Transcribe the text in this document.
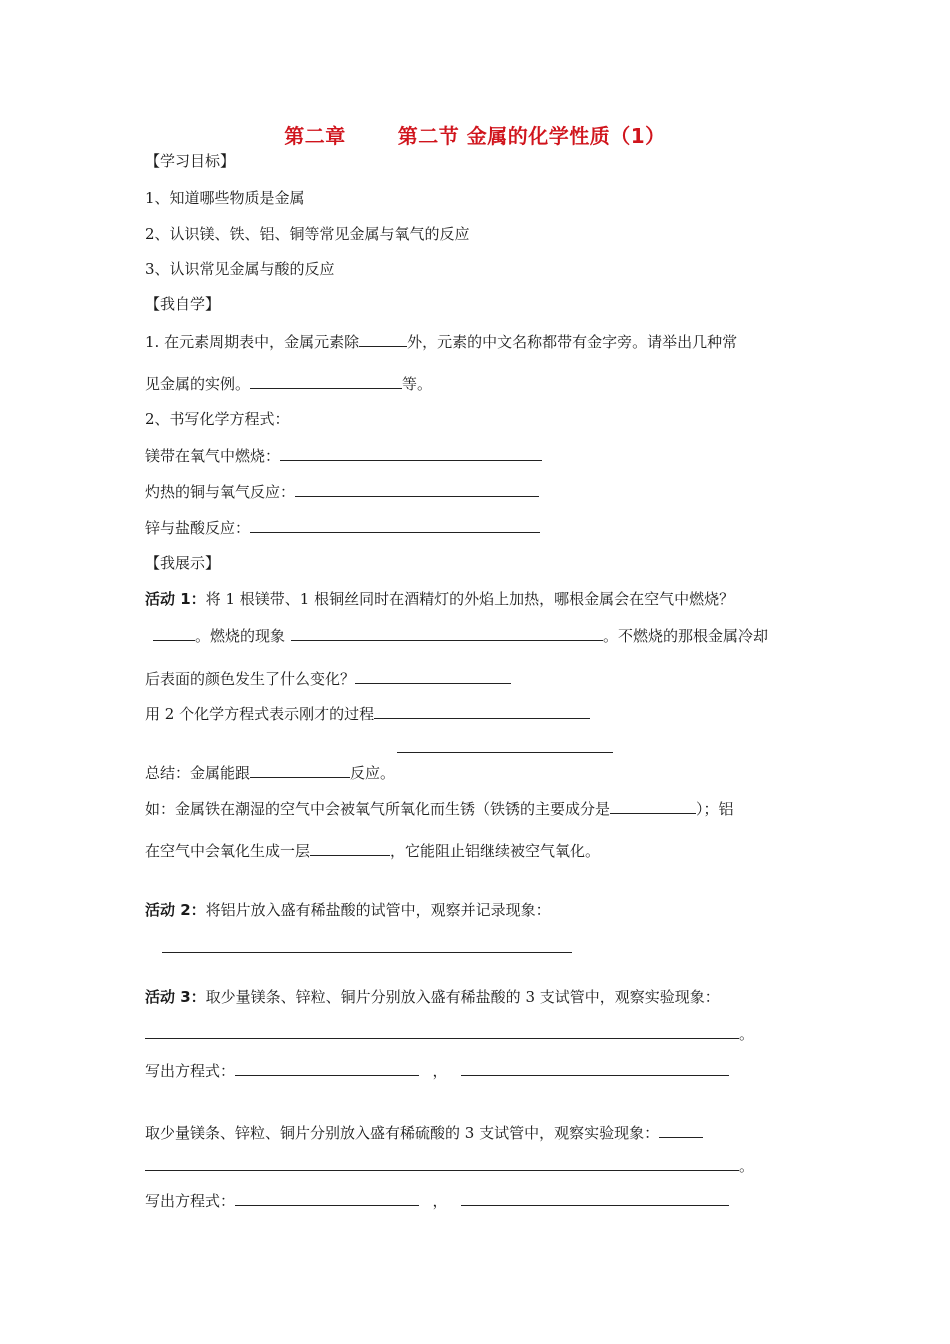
第二章	第二节 金属的化学性质（1）
【学习目标】
1、知道哪些物质是金属
2、认识镁、铁、铝、铜等常见金属与氧气的反应
3、认识常见金属与酸的反应
【我自学】
1. 在元素周期表中，金属元素除	外，元素的中文名称都带有金字旁。请举出几种常
见金属的实例。	等。
2、书写化学方程式：
镁带在氧气中燃烧：
灼热的铜与氧气反应：
锌与盐酸反应：
【我展示】
活动 1：将 1 根镁带、1 根铜丝同时在酒精灯的外焰上加热，哪根金属会在空气中燃烧？
。燃烧的现象	。不燃烧的那根金属冷却
后表面的颜色发生了什么变化？
用 2 个化学方程式表示刚才的过程
总结：金属能跟	反应。
如：金属铁在潮湿的空气中会被氧气所氧化而生锈（铁锈的主要成分是	）；铝
在空气中会氧化生成一层	，它能阻止铝继续被空气氧化。
活动 2：将铝片放入盛有稀盐酸的试管中，观察并记录现象：
活动 3：取少量镁条、锌粒、铜片分别放入盛有稀盐酸的 3 支试管中，观察实验现象：
。
写出方程式：	，
取少量镁条、锌粒、铜片分别放入盛有稀硫酸的 3 支试管中，观察实验现象：
。
写出方程式：	，
